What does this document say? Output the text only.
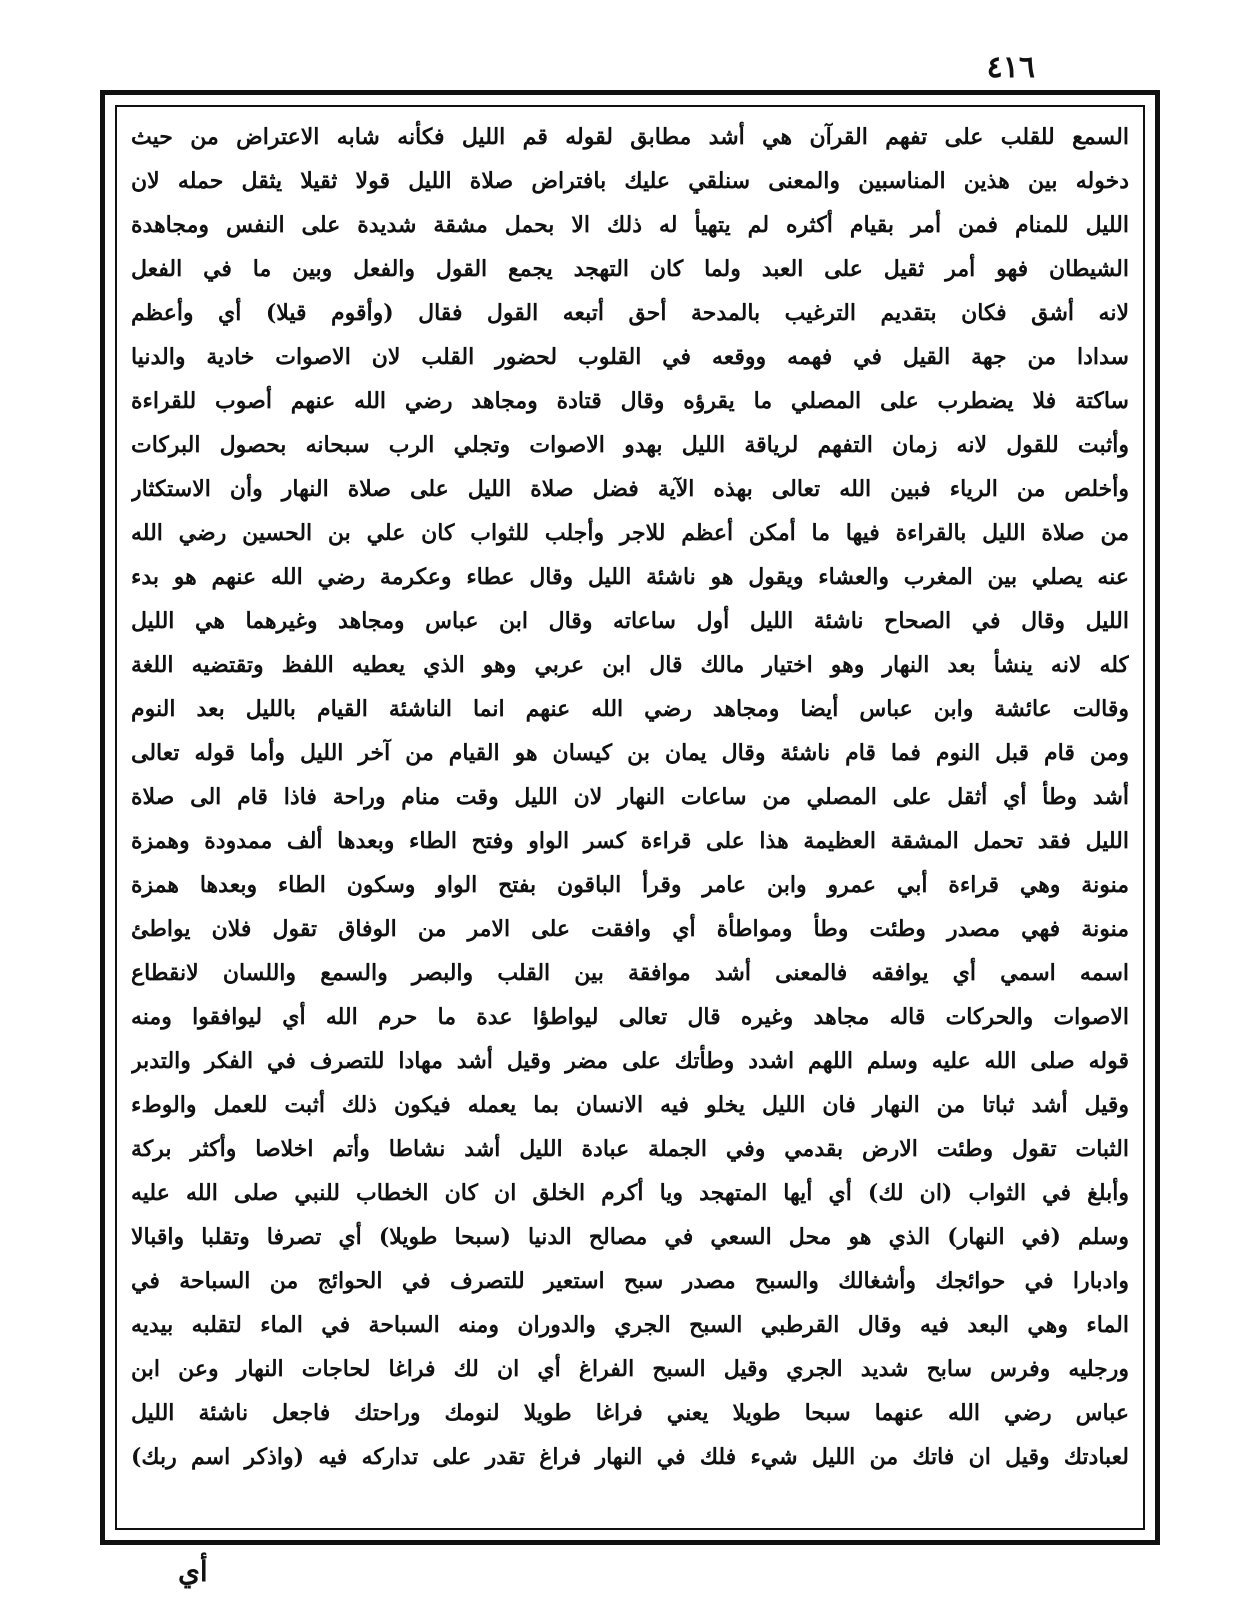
٤١٦
السمع للقلب على تفهم القرآن هي أشد مطابق لقوله قم الليل فكأنه شابه الاعتراض من حيث
دخوله بين هذين المناسبين والمعنى سنلقي عليك بافتراض صلاة الليل قولا ثقيلا يثقل حمله لان
الليل للمنام فمن أمر بقيام أكثره لم يتهيأ له ذلك الا بحمل مشقة شديدة على النفس ومجاهدة
الشيطان فهو أمر ثقيل على العبد ولما كان التهجد يجمع القول والفعل وبين ما في الفعل
لانه أشق فكان بتقديم الترغيب بالمدحة أحق أتبعه القول فقال (وأقوم قيلا) أي وأعظم
سدادا من جهة القيل في فهمه ووقعه في القلوب لحضور القلب لان الاصوات خادية والدنيا
ساكتة فلا يضطرب على المصلي ما يقرؤه وقال قتادة ومجاهد رضي الله عنهم أصوب للقراءة
وأثبت للقول لانه زمان التفهم لرياقة الليل بهدو الاصوات وتجلي الرب سبحانه بحصول البركات
وأخلص من الرياء فبين الله تعالى بهذه الآية فضل صلاة الليل على صلاة النهار وأن الاستكثار
من صلاة الليل بالقراءة فيها ما أمكن أعظم للاجر وأجلب للثواب كان علي بن الحسين رضي الله
عنه يصلي بين المغرب والعشاء ويقول هو ناشئة الليل وقال عطاء وعكرمة رضي الله عنهم هو بدء
الليل وقال في الصحاح ناشئة الليل أول ساعاته وقال ابن عباس ومجاهد وغيرهما هي الليل
كله لانه ينشأ بعد النهار وهو اختيار مالك قال ابن عربي وهو الذي يعطيه اللفظ وتقتضيه اللغة
وقالت عائشة وابن عباس أيضا ومجاهد رضي الله عنهم انما الناشئة القيام بالليل بعد النوم
ومن قام قبل النوم فما قام ناشئة وقال يمان بن كيسان هو القيام من آخر الليل وأما قوله تعالى
أشد وطأ أي أثقل على المصلي من ساعات النهار لان الليل وقت منام وراحة فاذا قام الى صلاة
الليل فقد تحمل المشقة العظيمة هذا على قراءة كسر الواو وفتح الطاء وبعدها ألف ممدودة وهمزة
منونة وهي قراءة أبي عمرو وابن عامر وقرأ الباقون بفتح الواو وسكون الطاء وبعدها همزة
منونة فهي مصدر وطئت وطأ ومواطأة أي وافقت على الامر من الوفاق تقول فلان يواطئ
اسمه اسمي أي يوافقه فالمعنى أشد موافقة بين القلب والبصر والسمع واللسان لانقطاع
الاصوات والحركات قاله مجاهد وغيره قال تعالى ليواطؤا عدة ما حرم الله أي ليوافقوا ومنه
قوله صلى الله عليه وسلم اللهم اشدد وطأتك على مضر وقيل أشد مهادا للتصرف في الفكر والتدبر
وقيل أشد ثباتا من النهار فان الليل يخلو فيه الانسان بما يعمله فيكون ذلك أثبت للعمل والوطء
الثبات تقول وطئت الارض بقدمي وفي الجملة عبادة الليل أشد نشاطا وأتم اخلاصا وأكثر بركة
وأبلغ في الثواب (ان لك) أي أيها المتهجد ويا أكرم الخلق ان كان الخطاب للنبي صلى الله عليه
وسلم (في النهار) الذي هو محل السعي في مصالح الدنيا (سبحا طويلا) أي تصرفا وتقلبا واقبالا
وادبارا في حوائجك وأشغالك والسبح مصدر سبح استعير للتصرف في الحوائج من السباحة في
الماء وهي البعد فيه وقال القرطبي السبح الجري والدوران ومنه السباحة في الماء لتقلبه بيديه
ورجليه وفرس سابح شديد الجري وقيل السبح الفراغ أي ان لك فراغا لحاجات النهار وعن ابن
عباس رضي الله عنهما سبحا طويلا يعني فراغا طويلا لنومك وراحتك فاجعل ناشئة الليل
لعبادتك وقيل ان فاتك من الليل شيء فلك في النهار فراغ تقدر على تداركه فيه (واذكر اسم ربك)
أي
